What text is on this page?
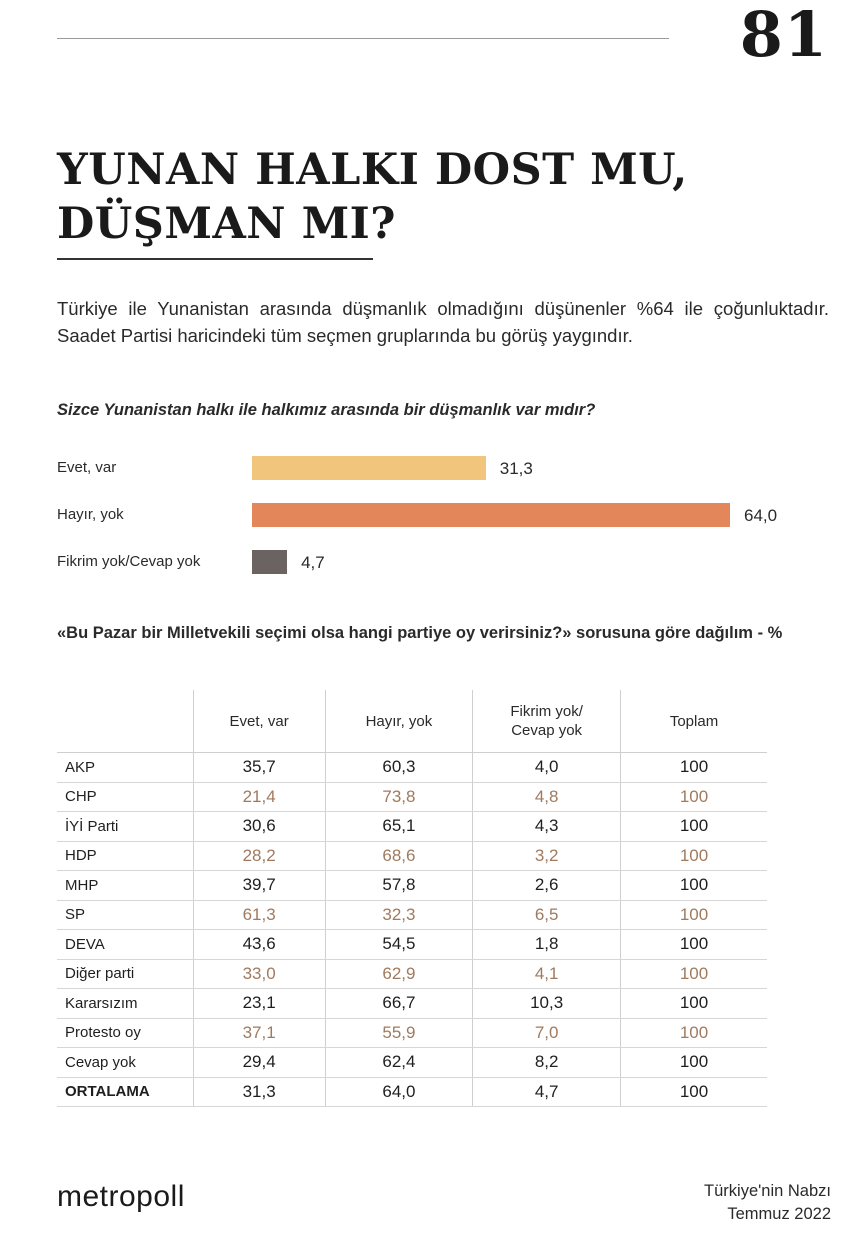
81
YUNAN HALKI DOST MU,
DÜŞMAN MI?

Türkiye ile Yunanistan arasında düşmanlık olmadığını düşünenler %64 ile çoğunluktadır. Saadet Partisi haricindeki tüm seçmen gruplarında bu görüş yaygındır.

Sizce Yunanistan halkı ile halkımız arasında bir düşmanlık var mıdır?

Evet, var	31,3
Hayır, yok	64,0
Fikrim yok/Cevap yok	4,7

«Bu Pazar bir Milletvekili seçimi olsa hangi partiye oy verirsiniz?» sorusuna göre dağılım - %

	Evet, var	Hayır, yok	Fikrim yok/
Cevap yok	Toplam
AKP	35,7	60,3	4,0	100
CHP	21,4	73,8	4,8	100
İYİ Parti	30,6	65,1	4,3	100
HDP	28,2	68,6	3,2	100
MHP	39,7	57,8	2,6	100
SP	61,3	32,3	6,5	100
DEVA	43,6	54,5	1,8	100
Diğer parti	33,0	62,9	4,1	100
Kararsızım	23,1	66,7	10,3	100
Protesto oy	37,1	55,9	7,0	100
Cevap yok	29,4	62,4	8,2	100
ORTALAMA	31,3	64,0	4,7	100
metropoll	Türkiye'nin Nabzı
Temmuz 2022
